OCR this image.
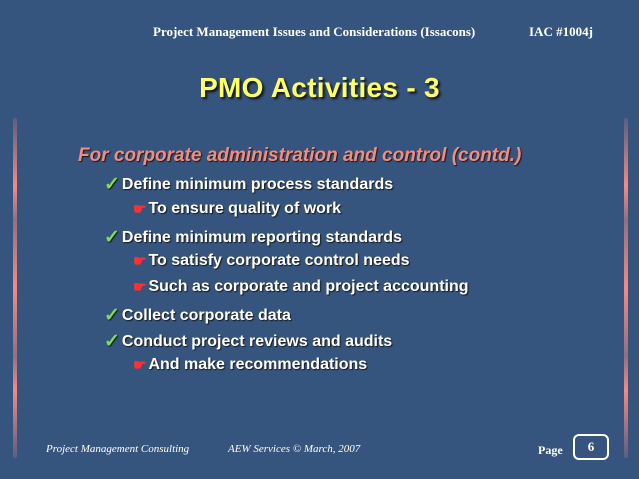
Project Management Issues and Considerations (Issacons)	IAC #1004j
PMO Activities - 3
For corporate administration and control (contd.)
✓ Define minimum process standards
☛ To ensure quality of work
✓ Define minimum reporting standards
☛ To satisfy corporate control needs
☛ Such as corporate and project accounting
✓ Collect corporate data
✓ Conduct project reviews and audits
☛ And make recommendations
Project Management Consulting	AEW Services © March, 2007	Page	6
